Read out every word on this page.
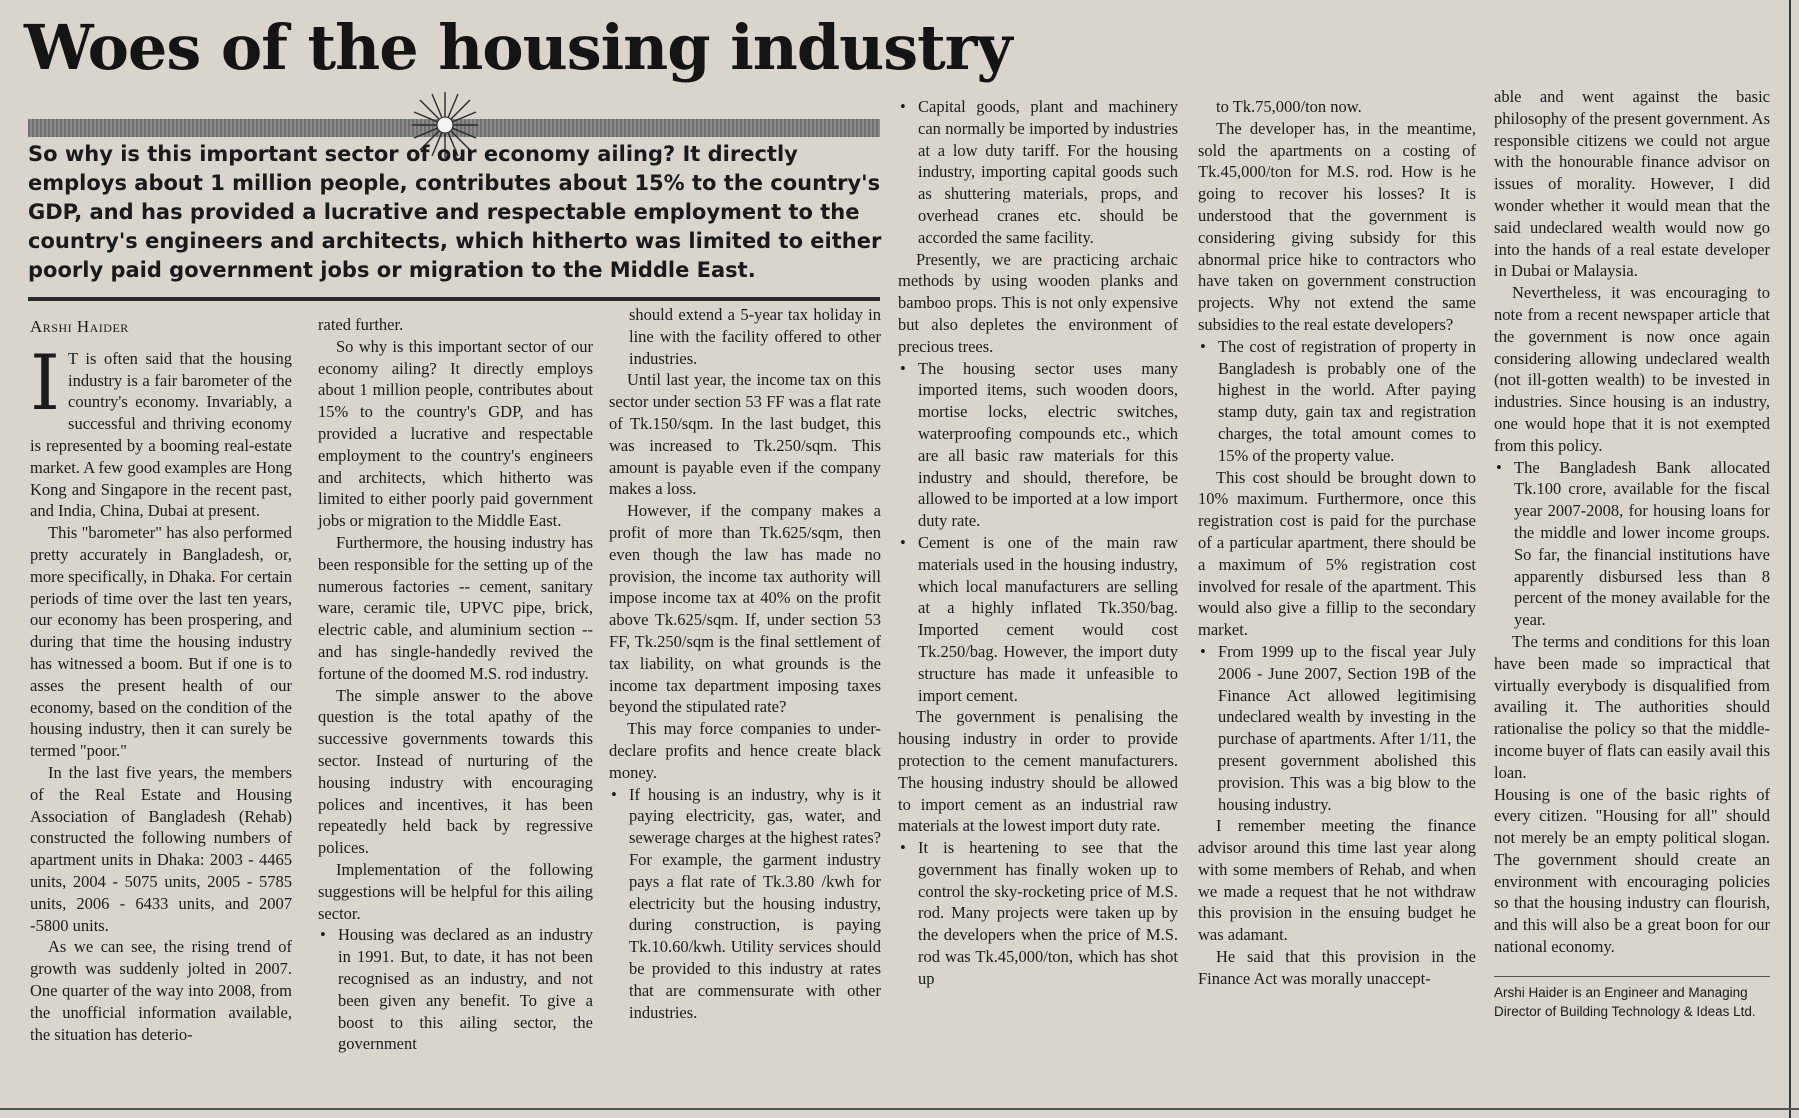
Woes of the housing industry

So why is this important sector of our economy ailing? It directly employs about 1 million people, contributes about 15% to the country's GDP, and has provided a lucrative and respectable employment to the country's engineers and architects, which hitherto was limited to either poorly paid government jobs or migration to the Middle East.

Arshi Haider

I T is often said that the housing industry is a fair barometer of the country's economy. Invariably, a successful and thriving economy is represented by a booming real-estate market. A few good examples are Hong Kong and Singapore in the recent past, and India, China, Dubai at present.

This "barometer" has also performed pretty accurately in Bangladesh, or, more specifically, in Dhaka. For certain periods of time over the last ten years, our economy has been prospering, and during that time the housing industry has witnessed a boom. But if one is to asses the present health of our economy, based on the condition of the housing industry, then it can surely be termed "poor."

In the last five years, the members of the Real Estate and Housing Association of Bangladesh (Rehab) constructed the following numbers of apartment units in Dhaka: 2003 - 4465 units, 2004 - 5075 units, 2005 - 5785 units, 2006 - 6433 units, and 2007 -5800 units.

As we can see, the rising trend of growth was suddenly jolted in 2007. One quarter of the way into 2008, from the unofficial information available, the situation has deterio-

rated further.

So why is this important sector of our economy ailing? It directly employs about 1 million people, contributes about 15% to the country's GDP, and has provided a lucrative and respectable employment to the country's engineers and architects, which hitherto was limited to either poorly paid government jobs or migration to the Middle East.

Furthermore, the housing industry has been responsible for the setting up of the numerous factories -- cement, sanitary ware, ceramic tile, UPVC pipe, brick, electric cable, and aluminium section -- and has single-handedly revived the fortune of the doomed M.S. rod industry.

The simple answer to the above question is the total apathy of the successive governments towards this sector. Instead of nurturing of the housing industry with encouraging polices and incentives, it has been repeatedly held back by regressive polices.

Implementation of the following suggestions will be helpful for this ailing sector.

• Housing was declared as an industry in 1991. But, to date, it has not been recognised as an industry, and not been given any benefit. To give a boost to this ailing sector, the government

should extend a 5-year tax holiday in line with the facility offered to other industries.

Until last year, the income tax on this sector under section 53 FF was a flat rate of Tk.150/sqm. In the last budget, this was increased to Tk.250/sqm. This amount is payable even if the company makes a loss.

However, if the company makes a profit of more than Tk.625/sqm, then even though the law has made no provision, the income tax authority will impose income tax at 40% on the profit above Tk.625/sqm. If, under section 53 FF, Tk.250/sqm is the final settlement of tax liability, on what grounds is the income tax department imposing taxes beyond the stipulated rate?

This may force companies to under-declare profits and hence create black money.

• If housing is an industry, why is it paying electricity, gas, water, and sewerage charges at the highest rates? For example, the garment industry pays a flat rate of Tk.3.80 /kwh for electricity but the housing industry, during construction, is paying Tk.10.60/kwh. Utility services should be provided to this industry at rates that are commensurate with other industries.
• Capital goods, plant and machinery can normally be imported by industries at a low duty tariff. For the housing industry, importing capital goods such as shuttering materials, props, and overhead cranes etc. should be accorded the same facility.

Presently, we are practicing archaic methods by using wooden planks and bamboo props. This is not only expensive but also depletes the environment of precious trees.

• The housing sector uses many imported items, such wooden doors, mortise locks, electric switches, waterproofing compounds etc., which are all basic raw materials for this industry and should, therefore, be allowed to be imported at a low import duty rate.
• Cement is one of the main raw materials used in the housing industry, which local manufacturers are selling at a highly inflated Tk.350/bag. Imported cement would cost Tk.250/bag. However, the import duty structure has made it unfeasible to import cement.

The government is penalising the housing industry in order to provide protection to the cement manufacturers. The housing industry should be allowed to import cement as an industrial raw materials at the lowest import duty rate.

• It is heartening to see that the government has finally woken up to control the sky-rocketing price of M.S. rod. Many projects were taken up by the developers when the price of M.S. rod was Tk.45,000/ton, which has shot up

to Tk.75,000/ton now.

The developer has, in the meantime, sold the apartments on a costing of Tk.45,000/ton for M.S. rod. How is he going to recover his losses? It is understood that the government is considering giving subsidy for this abnormal price hike to contractors who have taken on government construction projects. Why not extend the same subsidies to the real estate developers?

• The cost of registration of property in Bangladesh is probably one of the highest in the world. After paying stamp duty, gain tax and registration charges, the total amount comes to 15% of the property value.

This cost should be brought down to 10% maximum. Furthermore, once this registration cost is paid for the purchase of a particular apartment, there should be a maximum of 5% registration cost involved for resale of the apartment. This would also give a fillip to the secondary market.

• From 1999 up to the fiscal year July 2006 - June 2007, Section 19B of the Finance Act allowed legitimising undeclared wealth by investing in the purchase of apartments. After 1/11, the present government abolished this provision. This was a big blow to the housing industry.

I remember meeting the finance advisor around this time last year along with some members of Rehab, and when we made a request that he not withdraw this provision in the ensuing budget he was adamant.

He said that this provision in the Finance Act was morally unaccept-

able and went against the basic philosophy of the present government. As responsible citizens we could not argue with the honourable finance advisor on issues of morality. However, I did wonder whether it would mean that the said undeclared wealth would now go into the hands of a real estate developer in Dubai or Malaysia.

Nevertheless, it was encouraging to note from a recent newspaper article that the government is now once again considering allowing undeclared wealth (not ill-gotten wealth) to be invested in industries. Since housing is an industry, one would hope that it is not exempted from this policy.

• The Bangladesh Bank allocated Tk.100 crore, available for the fiscal year 2007-2008, for housing loans for the middle and lower income groups. So far, the financial institutions have apparently disbursed less than 8 percent of the money available for the year.

The terms and conditions for this loan have been made so impractical that virtually everybody is disqualified from availing it. The authorities should rationalise the policy so that the middle-income buyer of flats can easily avail this loan.

Housing is one of the basic rights of every citizen. "Housing for all" should not merely be an empty political slogan. The government should create an environment with encouraging policies so that the housing industry can flourish, and this will also be a great boon for our national economy.

Arshi Haider is an Engineer and Managing Director of Building Technology & Ideas Ltd.
